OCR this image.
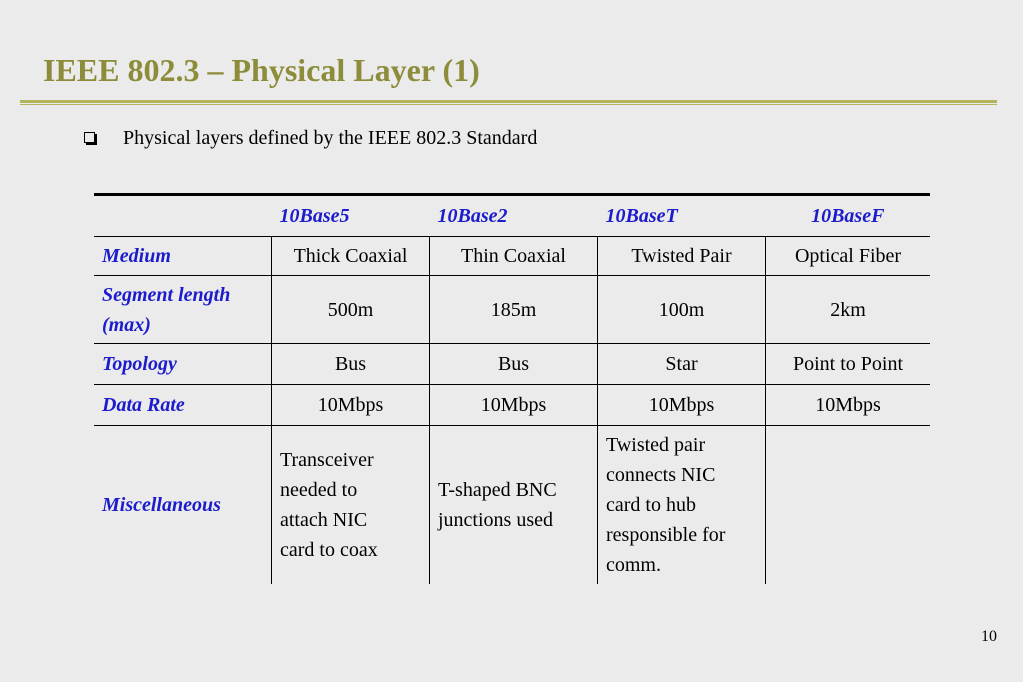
IEEE 802.3 – Physical Layer (1)
Physical layers defined by the IEEE 802.3 Standard
	10Base5	10Base2	10BaseT	10BaseF
Medium	Thick Coaxial	Thin Coaxial	Twisted Pair	Optical Fiber
Segment length
(max)	500m	185m	100m	2km
Topology	Bus	Bus	Star	Point to Point
Data Rate	10Mbps	10Mbps	10Mbps	10Mbps
Miscellaneous	Transceiver
needed to
attach NIC
card to coax	T-shaped BNC
junctions used	Twisted pair
connects NIC
card to hub
responsible for
comm.	
10
